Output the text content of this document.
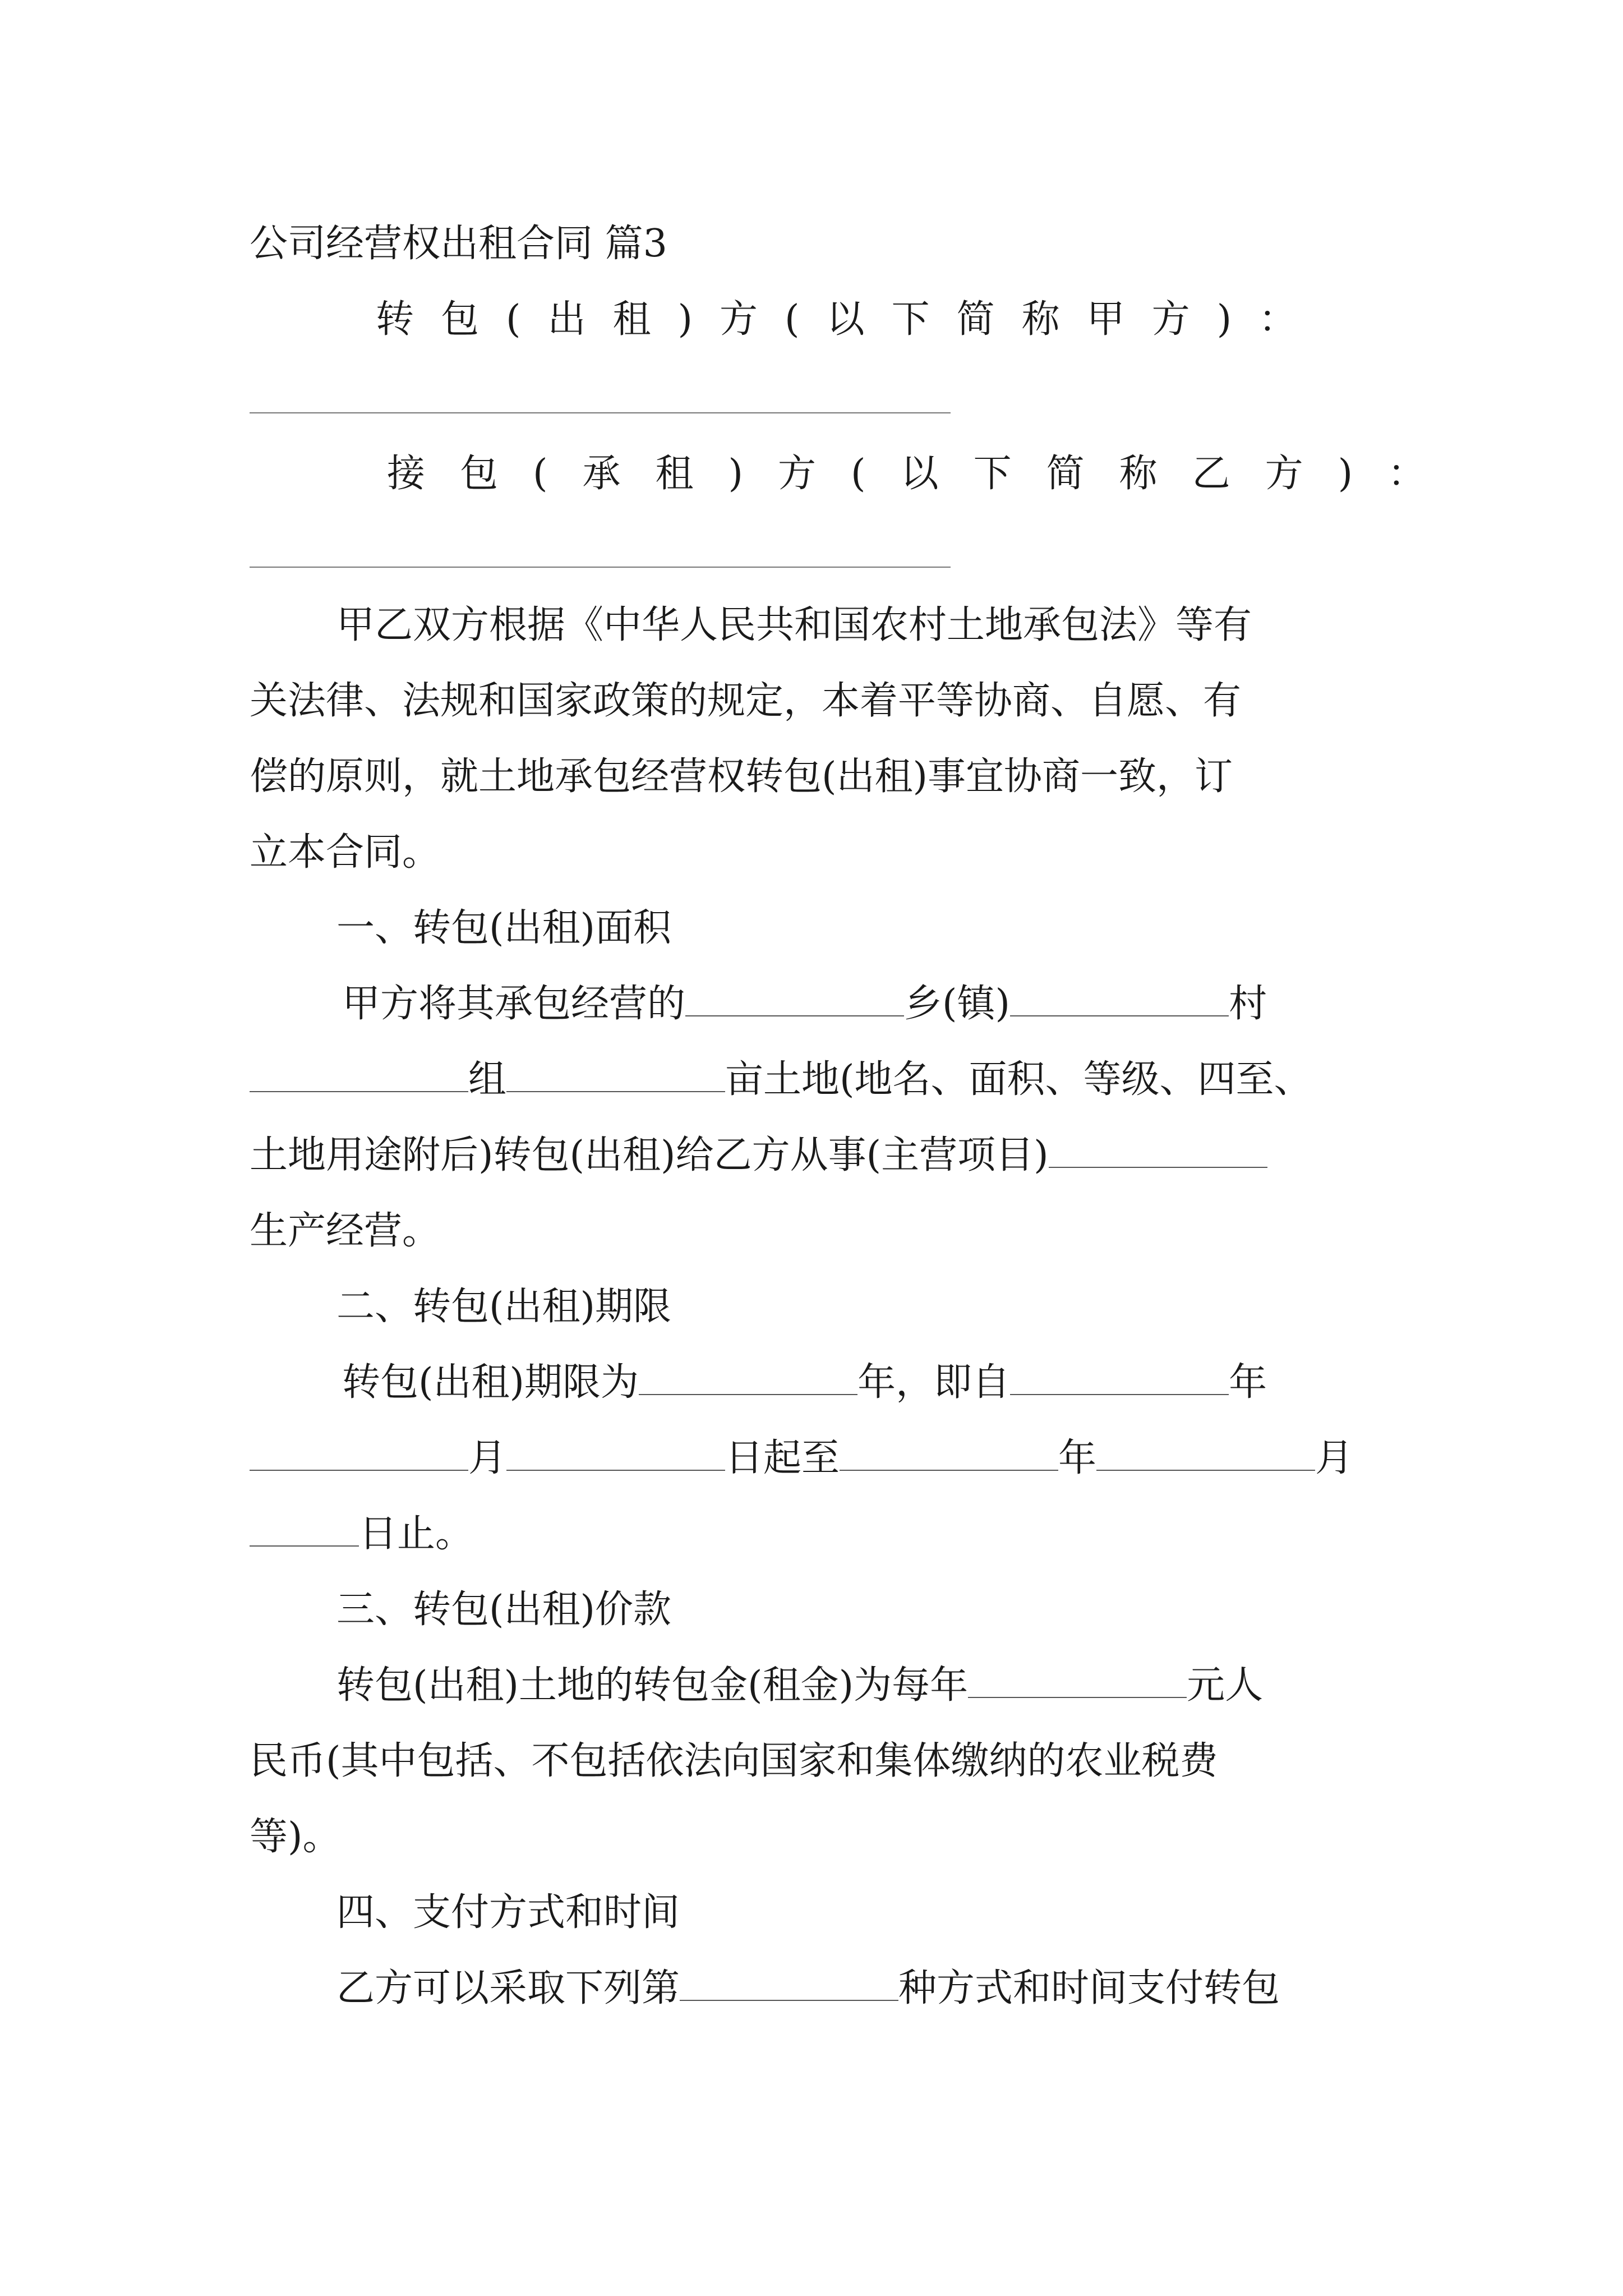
公司经营权出租合同 篇3
转包(出租)方(以下简称甲方)：
接包(承租)方(以下简称乙方)：
甲乙双方根据《中华人民共和国农村土地承包法》等有
关法律、法规和国家政策的规定，本着平等协商、自愿、有
偿的原则，就土地承包经营权转包(出租)事宜协商一致，订
立本合同。
一、转包(出租)面积
甲方将其承包经营的	乡(镇)	村
组	亩土地(地名、面积、等级、四至、
土地用途附后)转包(出租)给乙方从事(主营项目)
生产经营。
二、转包(出租)期限
转包(出租)期限为	年，即自	年
月	日起至	年	月
日止。
三、转包(出租)价款
转包(出租)土地的转包金(租金)为每年	元人
民币(其中包括、不包括依法向国家和集体缴纳的农业税费
等)。
四、支付方式和时间
乙方可以采取下列第	种方式和时间支付转包
